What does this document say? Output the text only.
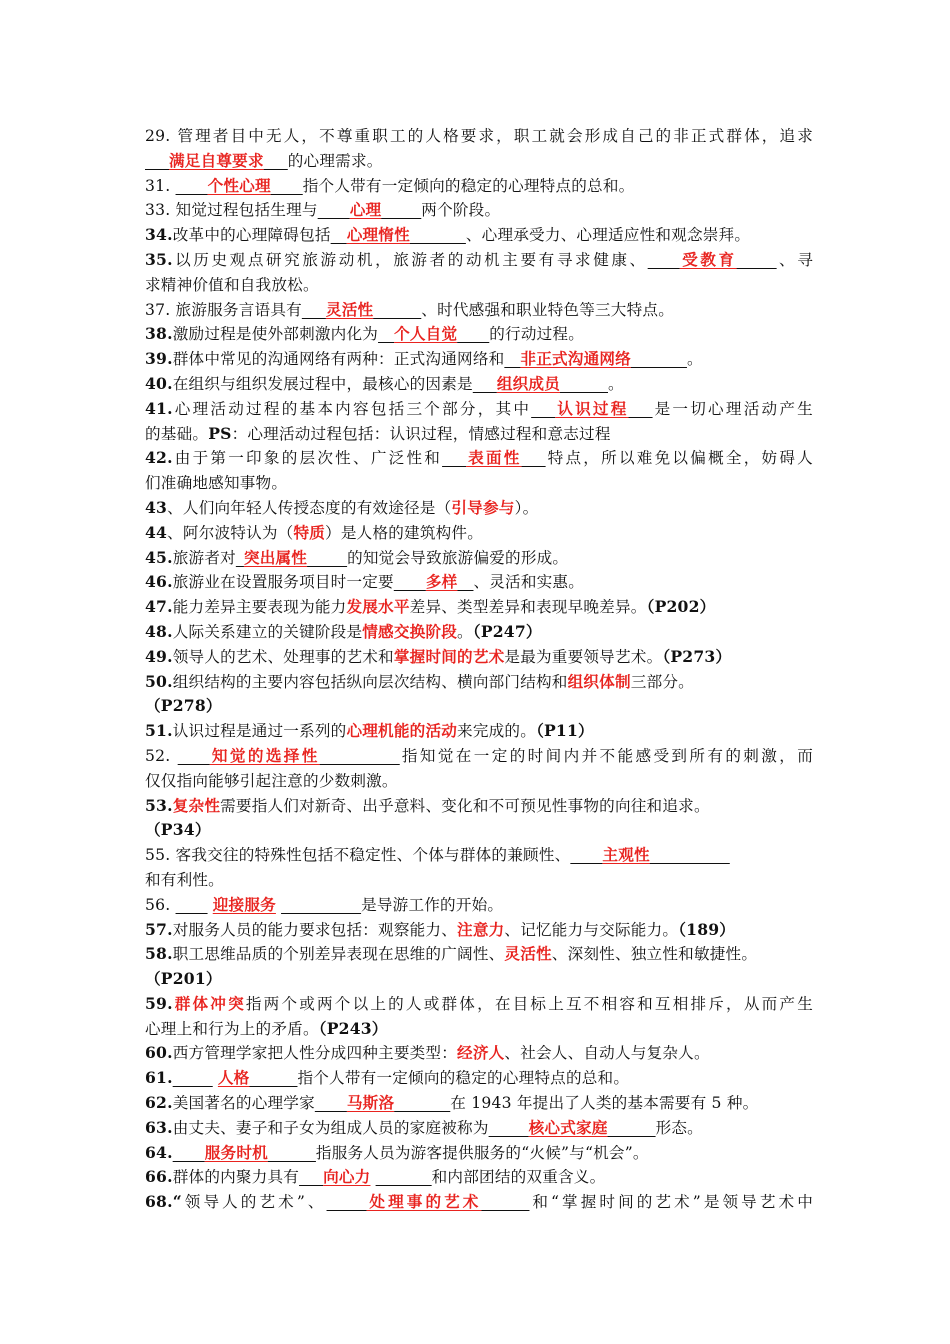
29. 管理者目中无人，不尊重职工的人格要求，职工就会形成自己的非正式群体，追求
___满足自尊要求___的心理需求。
31. ____个性心理____指个人带有一定倾向的稳定的心理特点的总和。
33. 知觉过程包括生理与____心理_____两个阶段。
34.改革中的心理障碍包括__心理惰性_______、心理承受力、心理适应性和观念崇拜。
35.以历史观点研究旅游动机，旅游者的动机主要有寻求健康、____受教育_____、寻
求精神价值和自我放松。
37. 旅游服务言语具有___灵活性______、时代感强和职业特色等三大特点。
38.激励过程是使外部刺激内化为__个人自觉____的行动过程。
39.群体中常见的沟通网络有两种：正式沟通网络和__非正式沟通网络_______。
40.在组织与组织发展过程中，最核心的因素是___组织成员______。
41.心理活动过程的基本内容包括三个部分，其中___认识过程___是一切心理活动产生
的基础。PS：心理活动过程包括：认识过程，情感过程和意志过程
42.由于第一印象的层次性、广泛性和___表面性___特点，所以难免以偏概全，妨碍人
们准确地感知事物。
43、人们向年轻人传授态度的有效途径是（引导参与）。
44、阿尔波特认为（特质）是人格的建筑构件。
45.旅游者对_突出属性_____的知觉会导致旅游偏爱的形成。
46.旅游业在设置服务项目时一定要____多样__、灵活和实惠。
47.能力差异主要表现为能力发展水平差异、类型差异和表现早晚差异。（P202）
48.人际关系建立的关键阶段是情感交换阶段。（P247）
49.领导人的艺术、处理事的艺术和掌握时间的艺术是最为重要领导艺术。（P273）
50.组织结构的主要内容包括纵向层次结构、横向部门结构和组织体制三部分。
（P278）
51.认识过程是通过一系列的心理机能的活动来完成的。（P11）
52. ____知觉的选择性__________指知觉在一定的时间内并不能感受到所有的刺激，而
仅仅指向能够引起注意的少数刺激。
53.复杂性需要指人们对新奇、出乎意料、变化和不可预见性事物的向往和追求。
（P34）
55. 客我交往的特殊性包括不稳定性、个体与群体的兼顾性、____主观性__________
和有利性。
56. ____ 迎接服务 __________是导游工作的开始。
57.对服务人员的能力要求包括：观察能力、注意力、记忆能力与交际能力。（189）
58.职工思维品质的个别差异表现在思维的广阔性、灵活性、深刻性、独立性和敏捷性。
（P201）
59.群体冲突指两个或两个以上的人或群体，在目标上互不相容和互相排斥，从而产生
心理上和行为上的矛盾。（P243）
60.西方管理学家把人性分成四种主要类型：经济人、社会人、自动人与复杂人。
61._____ 人格______指个人带有一定倾向的稳定的心理特点的总和。
62.美国著名的心理学家____马斯洛_______在 1943 年提出了人类的基本需要有 5 种。
63.由丈夫、妻子和子女为组成人员的家庭被称为_____核心式家庭______形态。
64.____服务时机______指服务人员为游客提供服务的“火候”与“机会”。
66.群体的内聚力具有___向心力 _______和内部团结的双重含义。
68.“领导人的艺术”、_____处理事的艺术______和“掌握时间的艺术”是领导艺术中
